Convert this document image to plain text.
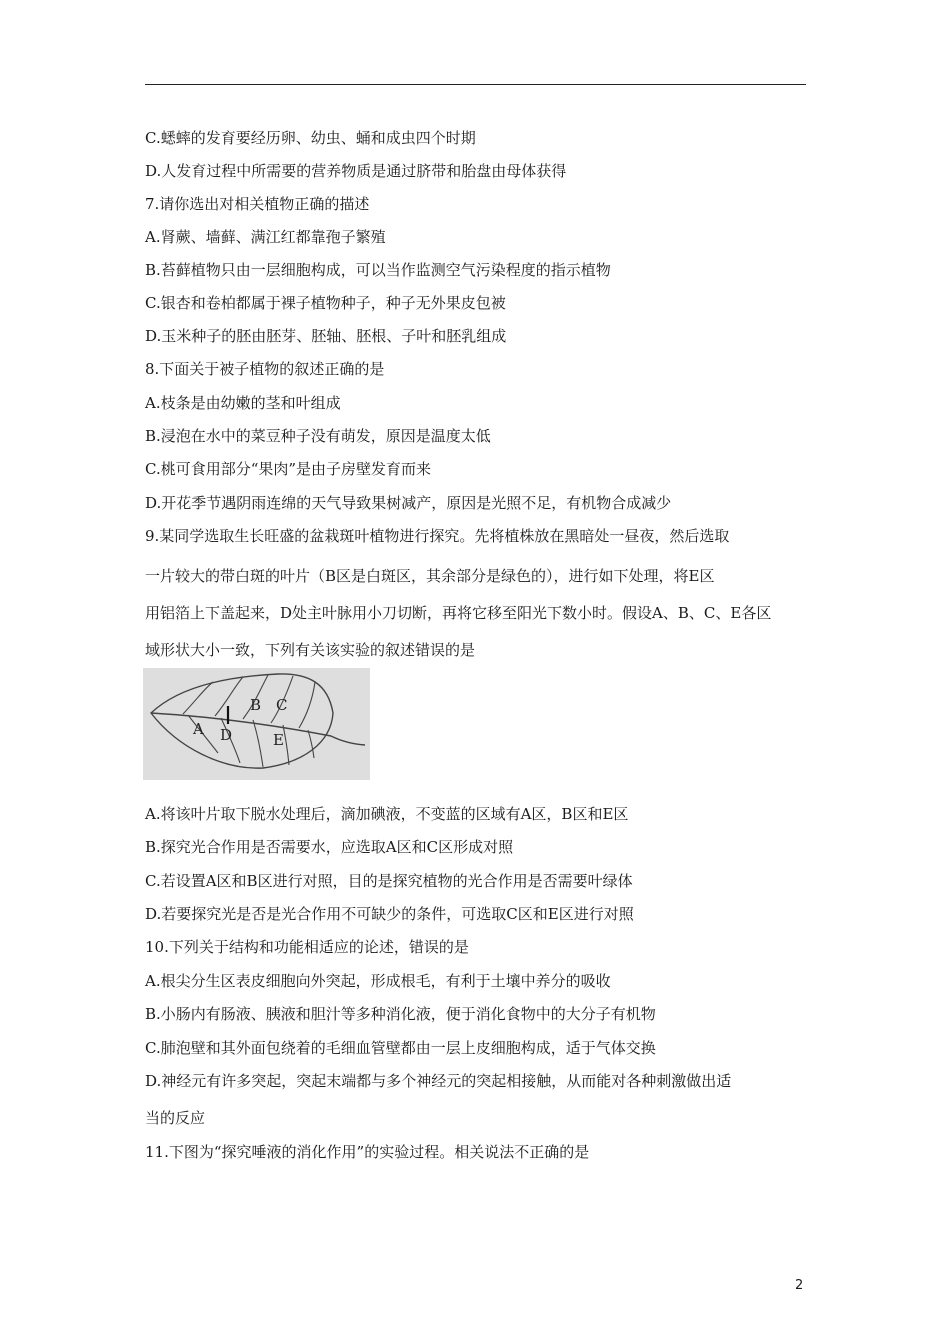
C.蟋蟀的发育要经历卵、幼虫、蛹和成虫四个时期
D.人发育过程中所需要的营养物质是通过脐带和胎盘由母体获得
7.请你选出对相关植物正确的描述
A.肾蕨、墙藓、满江红都靠孢子繁殖
B.苔藓植物只由一层细胞构成，可以当作监测空气污染程度的指示植物
C.银杏和卷柏都属于裸子植物种子，种子无外果皮包被
D.玉米种子的胚由胚芽、胚轴、胚根、子叶和胚乳组成
8.下面关于被子植物的叙述正确的是
A.枝条是由幼嫩的茎和叶组成
B.浸泡在水中的菜豆种子没有萌发，原因是温度太低
C.桃可食用部分“果肉”是由子房壁发育而来
D.开花季节遇阴雨连绵的天气导致果树减产，原因是光照不足，有机物合成减少
9.某同学选取生长旺盛的盆栽斑叶植物进行探究。先将植株放在黑暗处一昼夜，然后选取
一片较大的带白斑的叶片（B区是白斑区，其余部分是绿色的），进行如下处理，将E区
用铝箔上下盖起来，D处主叶脉用小刀切断，再将它移至阳光下数小时。假设A、B、C、E各区
域形状大小一致，下列有关该实验的叙述错误的是
A
B C
D	E
A.将该叶片取下脱水处理后，滴加碘液，不变蓝的区域有A区，B区和E区
B.探究光合作用是否需要水，应选取A区和C区形成对照
C.若设置A区和B区进行对照，目的是探究植物的光合作用是否需要叶绿体
D.若要探究光是否是光合作用不可缺少的条件，可选取C区和E区进行对照
10.下列关于结构和功能相适应的论述，错误的是
A.根尖分生区表皮细胞向外突起，形成根毛，有利于土壤中养分的吸收
B.小肠内有肠液、胰液和胆汁等多种消化液，便于消化食物中的大分子有机物
C.肺泡壁和其外面包绕着的毛细血管壁都由一层上皮细胞构成，适于气体交换
D.神经元有许多突起，突起末端都与多个神经元的突起相接触，从而能对各种刺激做出适
当的反应
11.下图为“探究唾液的消化作用”的实验过程。相关说法不正确的是
2
